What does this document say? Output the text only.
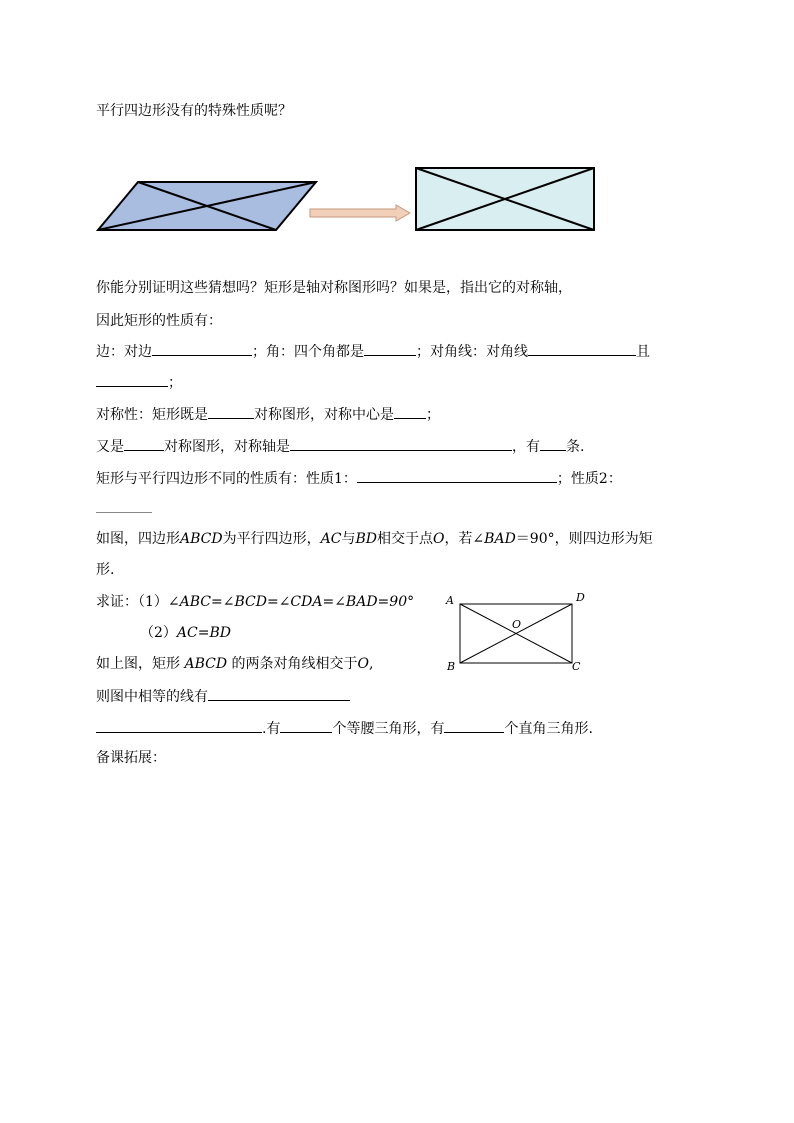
平行四边形没有的特殊性质呢？
你能分别证明这些猜想吗？矩形是轴对称图形吗？如果是，指出它的对称轴，
因此矩形的性质有：
边：对边	；角：四个角都是	；对角线：对角线	且
；
对称性：矩形既是	对称图形，对称中心是 ；
又是	对称图形，对称轴是	，有 条.
矩形与平行四边形不同的性质有：性质1：	；性质2：
如图，四边形ABCD为平行四边形，AC与BD相交于点O，若∠BAD＝90°，则四边形为矩
形.
求证：（1）∠ABC=∠BCD=∠CDA=∠BAD=90°
（2）AC=BD
A	D
B	C
O
如上图，矩形 ABCD 的两条对角线相交于O,
则图中相等的线有
.有	个等腰三角形，有	个直角三角形.
备课拓展：
